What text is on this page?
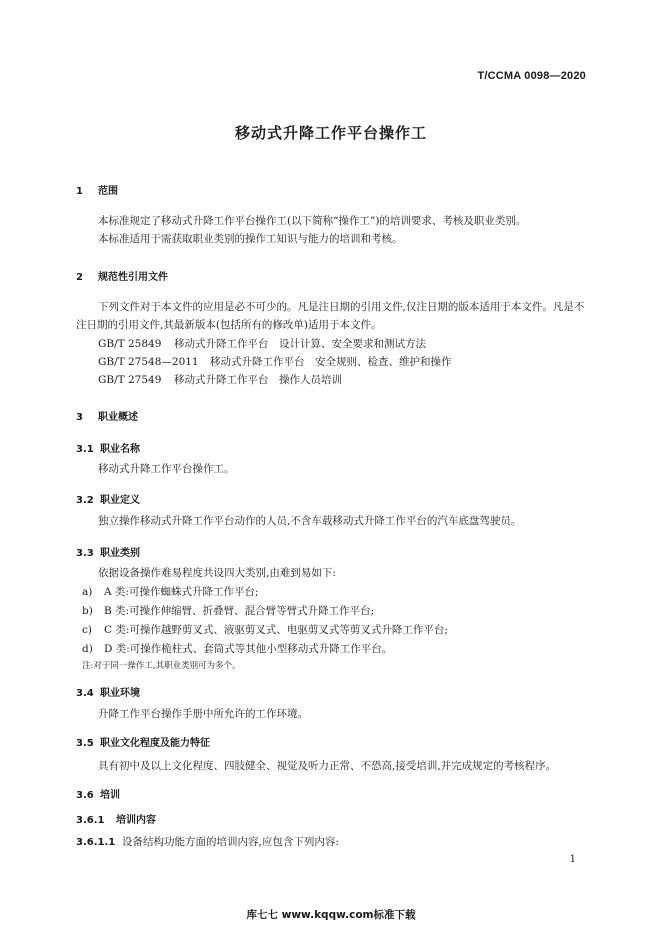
T/CCMA 0098—2020
移动式升降工作平台操作工
1 范围
本标准规定了移动式升降工作平台操作工(以下简称“操作工”)的培训要求、考核及职业类别。
本标准适用于需获取职业类别的操作工知识与能力的培训和考核。
2 规范性引用文件
下列文件对于本文件的应用是必不可少的。凡是注日期的引用文件,仅注日期的版本适用于本文件。凡是不注日期的引用文件,其最新版本(包括所有的修改单)适用于本文件。
GB/T 25849 移动式升降工作平台　设计计算、安全要求和测试方法
GB/T 27548—2011 移动式升降工作平台　安全规则、检查、维护和操作
GB/T 27549 移动式升降工作平台　操作人员培训
3 职业概述
3.1 职业名称
移动式升降工作平台操作工。
3.2 职业定义
独立操作移动式升降工作平台动作的人员,不含车载移动式升降工作平台的汽车底盘驾驶员。
3.3 职业类别
依据设备操作难易程度共设四大类别,由难到易如下:
a) A 类:可操作蜘蛛式升降工作平台;
b) B 类:可操作伸缩臂、折叠臂、混合臂等臂式升降工作平台;
c) C 类:可操作越野剪叉式、液驱剪叉式、电驱剪叉式等剪叉式升降工作平台;
d) D 类:可操作桅柱式、套筒式等其他小型移动式升降工作平台。
注:对于同一操作工,其职业类别可为多个。
3.4 职业环境
升降工作平台操作手册中所允许的工作环境。
3.5 职业文化程度及能力特征
具有初中及以上文化程度、四肢健全、视觉及听力正常、不恐高,接受培训,并完成规定的考核程序。
3.6 培训
3.6.1 培训内容
3.6.1.1 设备结构功能方面的培训内容,应包含下列内容:
1
库七七 www.kqqw.com标准下载
